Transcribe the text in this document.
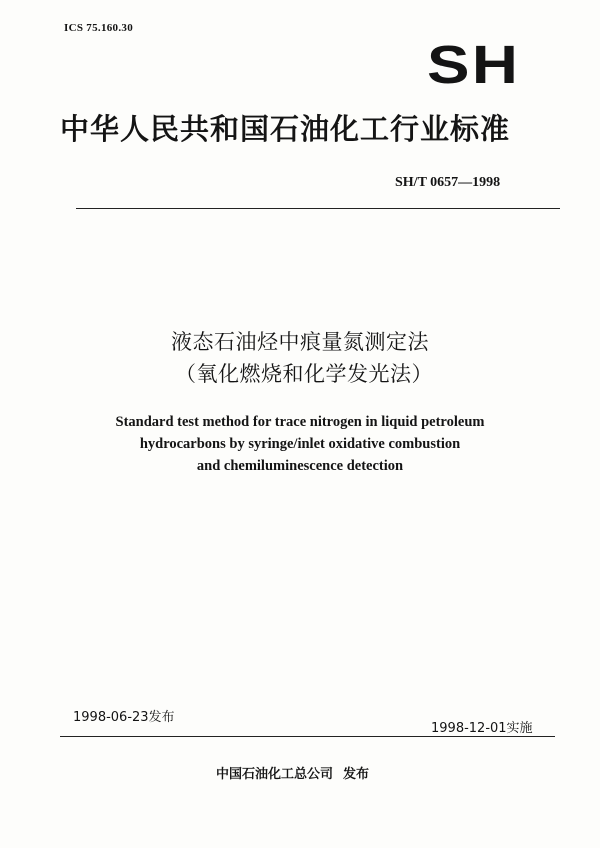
ICS 75.160.30
SH
中华人民共和国石油化工行业标准
SH/T 0657—1998
液态石油烃中痕量氮测定法
（氧化燃烧和化学发光法）
Standard test method for trace nitrogen in liquid petroleum
hydrocarbons by syringe/inlet oxidative combustion
and chemiluminescence detection
1998-06-23发布
1998-12-01实施
中国石油化工总公司 发布
